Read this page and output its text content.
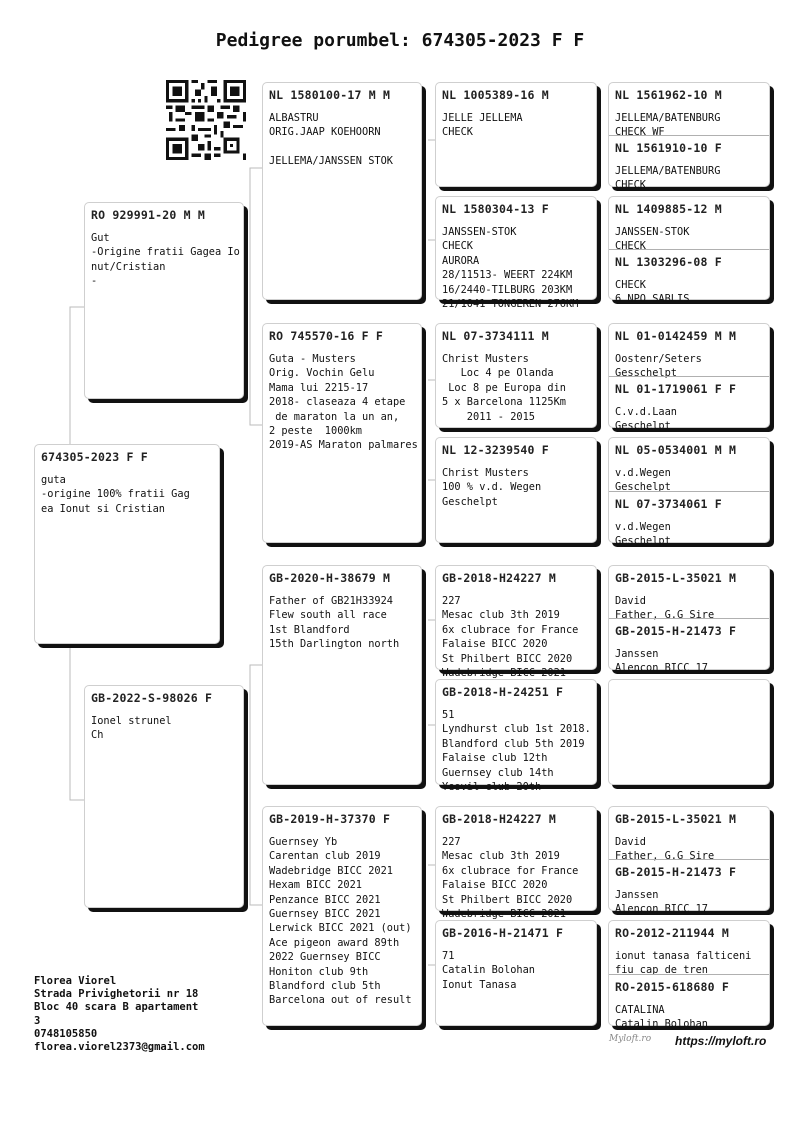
Pedigree porumbel: 674305-2023 F F
674305-2023 F F
guta
-origine 100% fratii Gag
ea Ionut si Cristian
RO 929991-20 M M
Gut
-Origine fratii Gagea Io
nut/Cristian
-
GB-2022-S-98026 F
Ionel strunel
Ch
NL 1580100-17 M M
ALBASTRU
ORIG.JAAP KOEHOORN

JELLEMA/JANSSEN STOK
RO 745570-16 F F
Guta - Musters
Orig. Vochin Gelu
Mama lui 2215-17
2018- claseaza 4 etape
de maraton la un an,
2 peste  1000km
2019-AS Maraton palmares
GB-2020-H-38679 M
Father of GB21H33924
Flew south all race
1st Blandford
15th Darlington north
GB-2019-H-37370 F
Guernsey Yb
Carentan club 2019
Wadebridge BICC 2021
Hexam BICC 2021
Penzance BICC 2021
Guernsey BICC 2021
Lerwick BICC 2021 (out)
Ace pigeon award 89th
2022 Guernsey BICC
Honiton club 9th
Blandford club 5th
Barcelona out of result
NL 1005389-16 M
JELLE JELLEMA
CHECK
NL 1580304-13 F
JANSSEN-STOK
CHECK
AURORA
28/11513- WEERT 224KM
16/2440-TILBURG 203KM
21/1041 TONGEREN 276KM
NL 07-3734111 M
Christ Musters
Loc 4 pe Olanda
Loc 8 pe Europa din
5 x Barcelona 1125Km
2011 - 2015
NL 12-3239540 F
Christ Musters
100 % v.d. Wegen
Geschelpt
GB-2018-H24227 M
227
Mesac club 3th 2019
6x clubrace for France
Falaise BICC 2020
St Philbert BICC 2020
Wadebridge BICC 2021
GB-2018-H-24251 F
51
Lyndhurst club 1st 2018.
Blandford club 5th 2019
Falaise club 12th
Guernsey club 14th
Yeovil club 20th
GB-2018-H24227 M
227
Mesac club 3th 2019
6x clubrace for France
Falaise BICC 2020
St Philbert BICC 2020
Wadebridge BICC 2021
GB-2016-H-21471 F
71
Catalin Bolohan
Ionut Tanasa
NL 1561962-10 M
JELLEMA/BATENBURG
CHECK WF
NL 1561910-10 F
JELLEMA/BATENBURG
CHECK
NL 1409885-12 M
JANSSEN-STOK
CHECK
NL 1303296-08 F
CHECK
6 NPO SABLIS
NL 01-0142459 M M
Oostenr/Seters
Gesschelpt
NL 01-1719061 F F
C.v.d.Laan
Geschelpt
NL 05-0534001 M M
v.d.Wegen
Geschelpt
NL 07-3734061 F
v.d.Wegen
Geschelpt
GB-2015-L-35021 M
David
Father, G.G Sire
GB-2015-H-21473 F
Janssen
Alencon BICC 17
GB-2015-L-35021 M
David
Father, G.G Sire
GB-2015-H-21473 F
Janssen
Alencon BICC 17
RO-2012-211944 M
ionut tanasa falticeni
fiu cap de tren
RO-2015-618680 F
CATALINA
Catalin Bolohan
Florea Viorel
Strada Privighetorii nr 18
Bloc 40 scara B apartament
3
0748105850
florea.viorel2373@gmail.com
Myloft.ro https://myloft.ro
